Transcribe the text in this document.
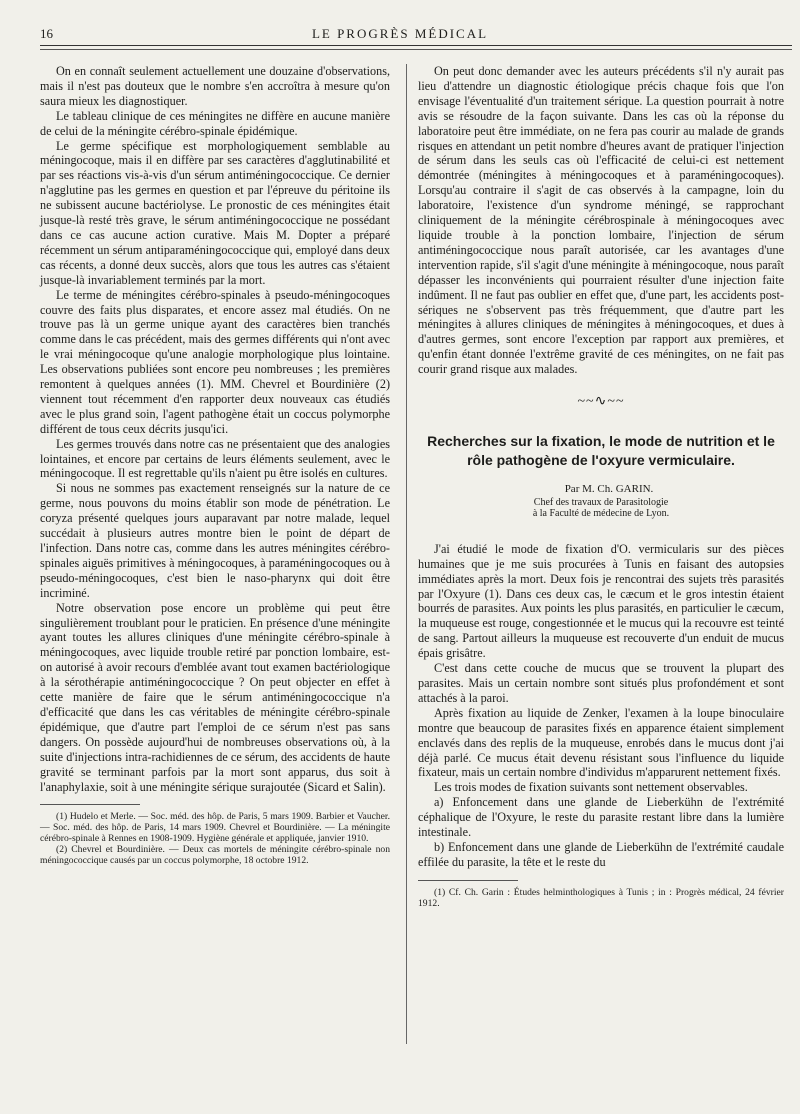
16	LE PROGRÈS MÉDICAL

On en connaît seulement actuellement une douzaine d'observations, mais il n'est pas douteux que le nombre s'en accroîtra à mesure qu'on saura mieux les diagnostiquer.

Le tableau clinique de ces méningites ne diffère en aucune manière de celui de la méningite cérébro-spinale épidémique.

Le germe spécifique est morphologiquement semblable au méningocoque, mais il en diffère par ses caractères d'agglutinabilité et par ses réactions vis-à-vis d'un sérum antiméningococcique. Ce dernier n'agglutine pas les germes en question et par l'épreuve du péritoine ils ne subissent aucune bactériolyse. Le pronostic de ces méningites était jusque-là resté très grave, le sérum antiméningococcique ne possédant dans ce cas aucune action curative. Mais M. Dopter a préparé récemment un sérum antiparaméningococcique qui, employé dans deux cas récents, a donné deux succès, alors que tous les autres cas s'étaient jusque-là invariablement terminés par la mort.

Le terme de méningites cérébro-spinales à pseudo-méningocoques couvre des faits plus disparates, et encore assez mal étudiés. On ne trouve pas là un germe unique ayant des caractères bien tranchés comme dans le cas précédent, mais des germes différents qui n'ont avec le vrai méningocoque qu'une analogie morphologique plus lointaine. Les observations publiées sont encore peu nombreuses ; les premières remontent à quelques années (1). MM. Chevrel et Bourdinière (2) viennent tout récemment d'en rapporter deux nouveaux cas étudiés avec le plus grand soin, l'agent pathogène était un coccus polymorphe différent de tous ceux décrits jusqu'ici.

Les germes trouvés dans notre cas ne présentaient que des analogies lointaines, et encore par certains de leurs éléments seulement, avec le méningocoque. Il est regrettable qu'ils n'aient pu être isolés en cultures.

Si nous ne sommes pas exactement renseignés sur la nature de ce germe, nous pouvons du moins établir son mode de pénétration. Le coryza présenté quelques jours auparavant par notre malade, lequel succédait à plusieurs autres montre bien le point de départ de l'infection. Dans notre cas, comme dans les autres méningites cérébro-spinales aiguës primitives à méningocoques, à paraméningocoques ou à pseudo-méningocoques, c'est bien le naso-pharynx qui doit être incriminé.

Notre observation pose encore un problème qui peut être singulièrement troublant pour le praticien. En présence d'une méningite ayant toutes les allures cliniques d'une méningite cérébro-spinale à méningocoques, avec liquide trouble retiré par ponction lombaire, est-on autorisé à avoir recours d'emblée avant tout examen bactériologique à la sérothérapie antiméningococcique ? On peut objecter en effet à cette manière de faire que le sérum antiméningococcique n'a d'efficacité que dans les cas véritables de méningite cérébro-spinale épidémique, que d'autre part l'emploi de ce sérum n'est pas sans dangers. On possède aujourd'hui de nombreuses observations où, à la suite d'injections intra-rachidiennes de ce sérum, des accidents de haute gravité se terminant parfois par la mort sont apparus, dus soit à l'anaphylaxie, soit à une méningite sérique surajoutée (Sicard et Salin).

(1) Hudelo et Merle. — Soc. méd. des hôp. de Paris, 5 mars 1909. Barbier et Vaucher. — Soc. méd. des hôp. de Paris, 14 mars 1909. Chevrel et Bourdinière. — La méningite cérébro-spinale à Rennes en 1908-1909. Hygiène générale et appliquée, janvier 1910.

(2) Chevrel et Bourdinière. — Deux cas mortels de méningite cérébro-spinale non méningococcique causés par un coccus polymorphe, 18 octobre 1912.

On peut donc demander avec les auteurs précédents s'il n'y aurait pas lieu d'attendre un diagnostic étiologique précis chaque fois que l'on envisage l'éventualité d'un traitement sérique. La question pourrait à notre avis se résoudre de la façon suivante. Dans les cas où la réponse du laboratoire peut être immédiate, on ne fera pas courir au malade de grands risques en attendant un petit nombre d'heures avant de pratiquer l'injection de sérum dans les seuls cas où l'efficacité de celui-ci est nettement démontrée (méningites à méningocoques et à paraméningocoques). Lorsqu'au contraire il s'agit de cas observés à la campagne, loin du laboratoire, l'existence d'un syndrome méningé, se rapprochant cliniquement de la méningite cérébrospinale à méningocoques avec liquide trouble à la ponction lombaire, l'injection de sérum antiméningococcique nous paraît autorisée, car les avantages d'une intervention rapide, s'il s'agit d'une méningite à méningocoque, nous paraît dépasser les inconvénients qui pourraient résulter d'une injection faite indûment. Il ne faut pas oublier en effet que, d'une part, les accidents post-sériques ne s'observent pas très fréquemment, que d'autre part les méningites à allures cliniques de méningites à méningocoques, et dues à d'autres germes, sont encore l'exception par rapport aux premières, et qu'enfin étant donnée l'extrême gravité de ces méningites, on ne fait pas courir grand risque aux malades.

~~∿~~
Recherches sur la fixation, le mode de nutrition et le rôle pathogène de l'oxyure vermiculaire.

Par M. Ch. GARIN.

Chef des travaux de Parasitologie
à la Faculté de médecine de Lyon.

J'ai étudié le mode de fixation d'O. vermicularis sur des pièces humaines que je me suis procurées à Tunis en faisant des autopsies immédiates après la mort. Deux fois je rencontrai des sujets très parasités par l'Oxyure (1). Dans ces deux cas, le cæcum et le gros intestin étaient bourrés de parasites. Aux points les plus parasités, en particulier le cæcum, la muqueuse est rouge, congestionnée et le mucus qui la recouvre est teinté de sang. Partout ailleurs la muqueuse est recouverte d'un enduit de mucus épais grisâtre.

C'est dans cette couche de mucus que se trouvent la plupart des parasites. Mais un certain nombre sont situés plus profondément et sont attachés à la paroi.

Après fixation au liquide de Zenker, l'examen à la loupe binoculaire montre que beaucoup de parasites fixés en apparence étaient simplement enclavés dans des replis de la muqueuse, enrobés dans le mucus dont j'ai déjà parlé. Ce mucus était devenu résistant sous l'influence du liquide fixateur, mais un certain nombre d'individus m'apparurent nettement fixés.

Les trois modes de fixation suivants sont nettement observables.

a) Enfoncement dans une glande de Lieberkühn de l'extrémité céphalique de l'Oxyure, le reste du parasite restant libre dans la lumière intestinale.

b) Enfoncement dans une glande de Lieberkühn de l'extrémité caudale effilée du parasite, la tête et le reste du

(1) Cf. Ch. Garin : Études helminthologiques à Tunis ; in : Progrès médical, 24 février 1912.
